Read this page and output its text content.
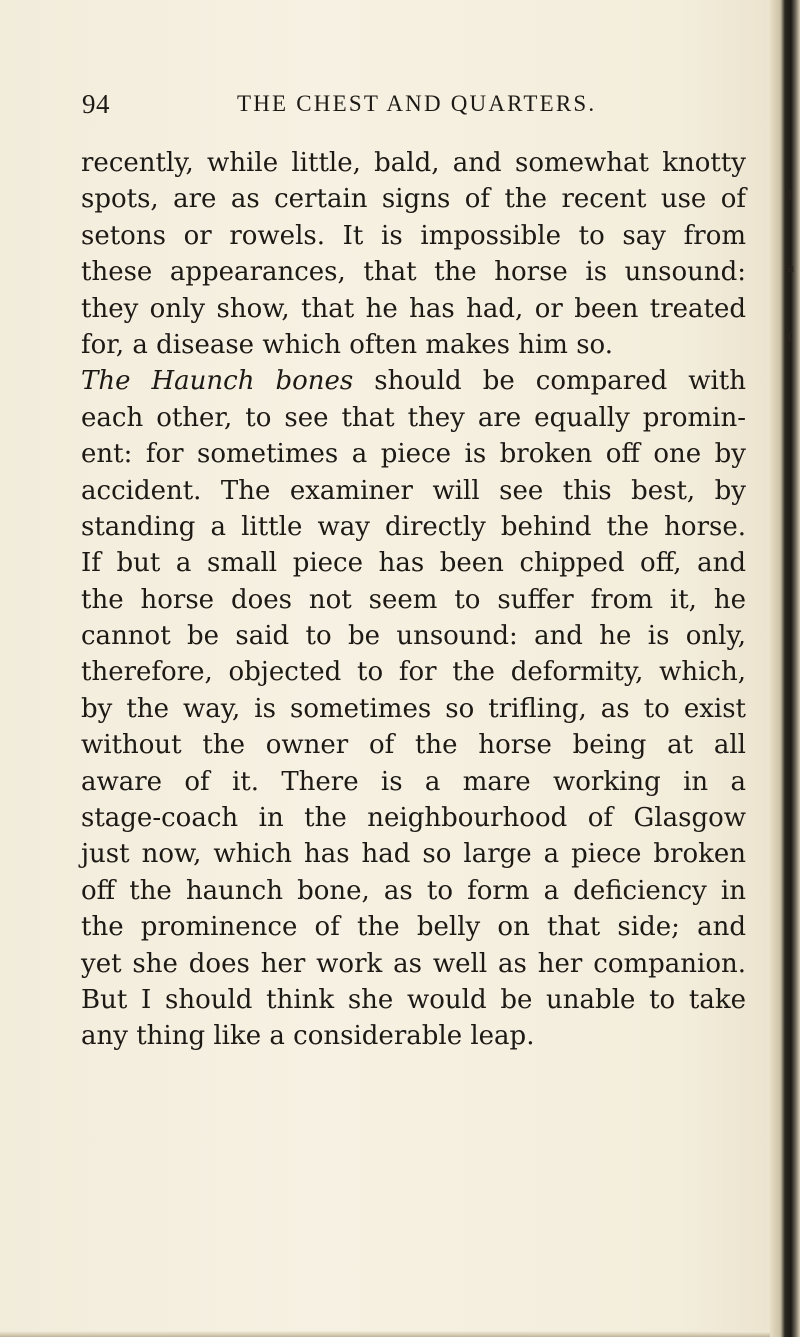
94	THE CHEST AND QUARTERS.
recently, while little, bald, and somewhat knotty
spots, are as certain signs of the recent use of
setons or rowels. It is impossible to say from
these appearances, that the horse is unsound:
they only show, that he has had, or been treated
for, a disease which often makes him so.
The Haunch bones should be compared with
each other, to see that they are equally promin-
ent: for sometimes a piece is broken off one by
accident. The examiner will see this best, by
standing a little way directly behind the horse.
If but a small piece has been chipped off, and
the horse does not seem to suffer from it, he
cannot be said to be unsound: and he is only,
therefore, objected to for the deformity, which,
by the way, is sometimes so trifling, as to exist
without the owner of the horse being at all
aware of it. There is a mare working in a
stage-coach in the neighbourhood of Glasgow
just now, which has had so large a piece broken
off the haunch bone, as to form a deficiency in
the prominence of the belly on that side; and
yet she does her work as well as her companion.
But I should think she would be unable to take
any thing like a considerable leap.
